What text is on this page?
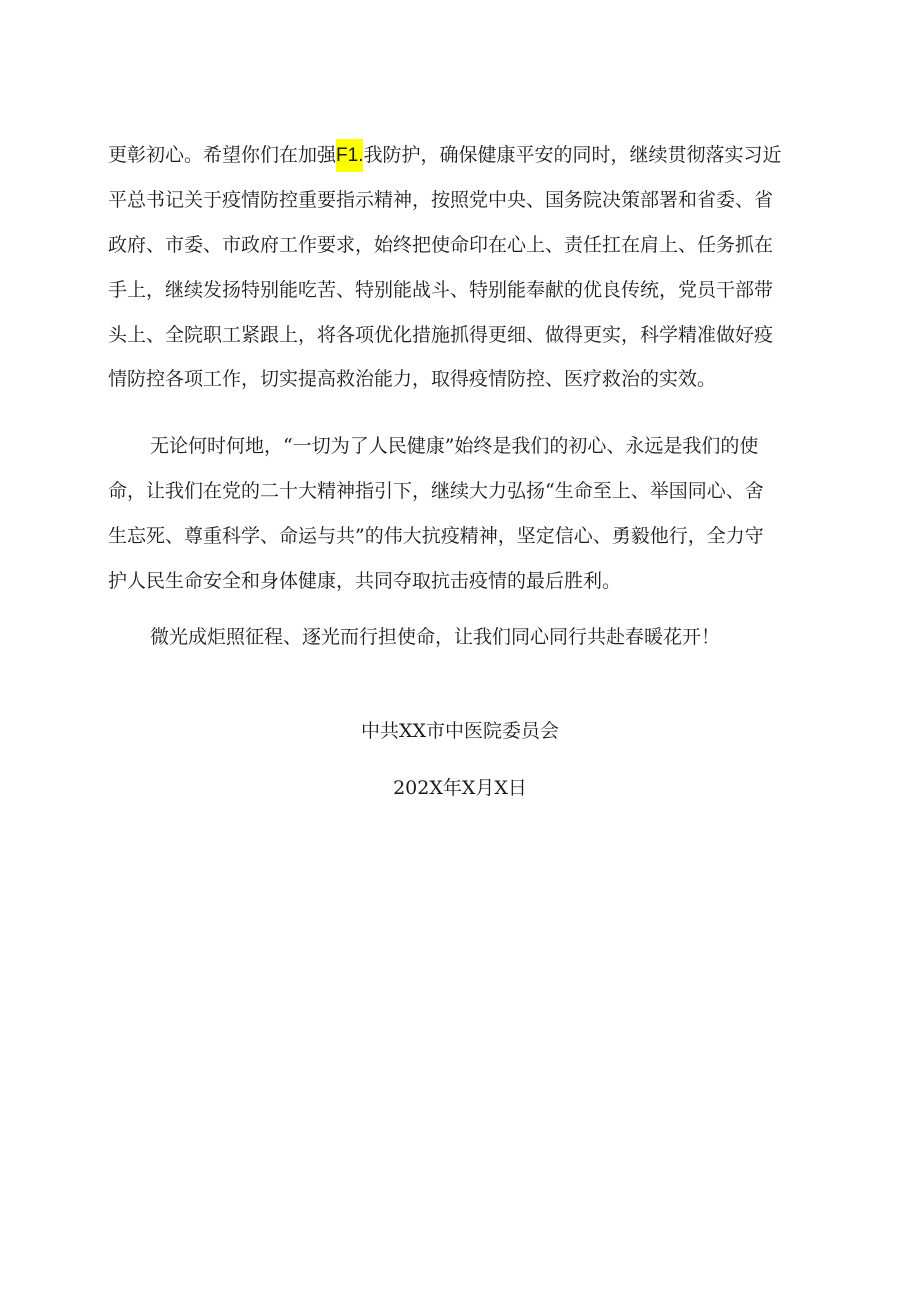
更彰初心。希望你们在加强F1.我防护，确保健康平安的同时，继续贯彻落实习近
平总书记关于疫情防控重要指示精神，按照党中央、国务院决策部署和省委、省
政府、市委、市政府工作要求，始终把使命印在心上、责任扛在肩上、任务抓在
手上，继续发扬特别能吃苦、特别能战斗、特别能奉献的优良传统，党员干部带
头上、全院职工紧跟上，将各项优化措施抓得更细、做得更实，科学精准做好疫
情防控各项工作，切实提高救治能力，取得疫情防控、医疗救治的实效。
无论何时何地，“一切为了人民健康”始终是我们的初心、永远是我们的使
命，让我们在党的二十大精神指引下，继续大力弘扬“生命至上、举国同心、舍
生忘死、尊重科学、命运与共”的伟大抗疫精神，坚定信心、勇毅他行，全力守
护人民生命安全和身体健康，共同夺取抗击疫情的最后胜利。
微光成炬照征程、逐光而行担使命，让我们同心同行共赴春暖花开！
中共XX市中医院委员会
202X年X月X日
